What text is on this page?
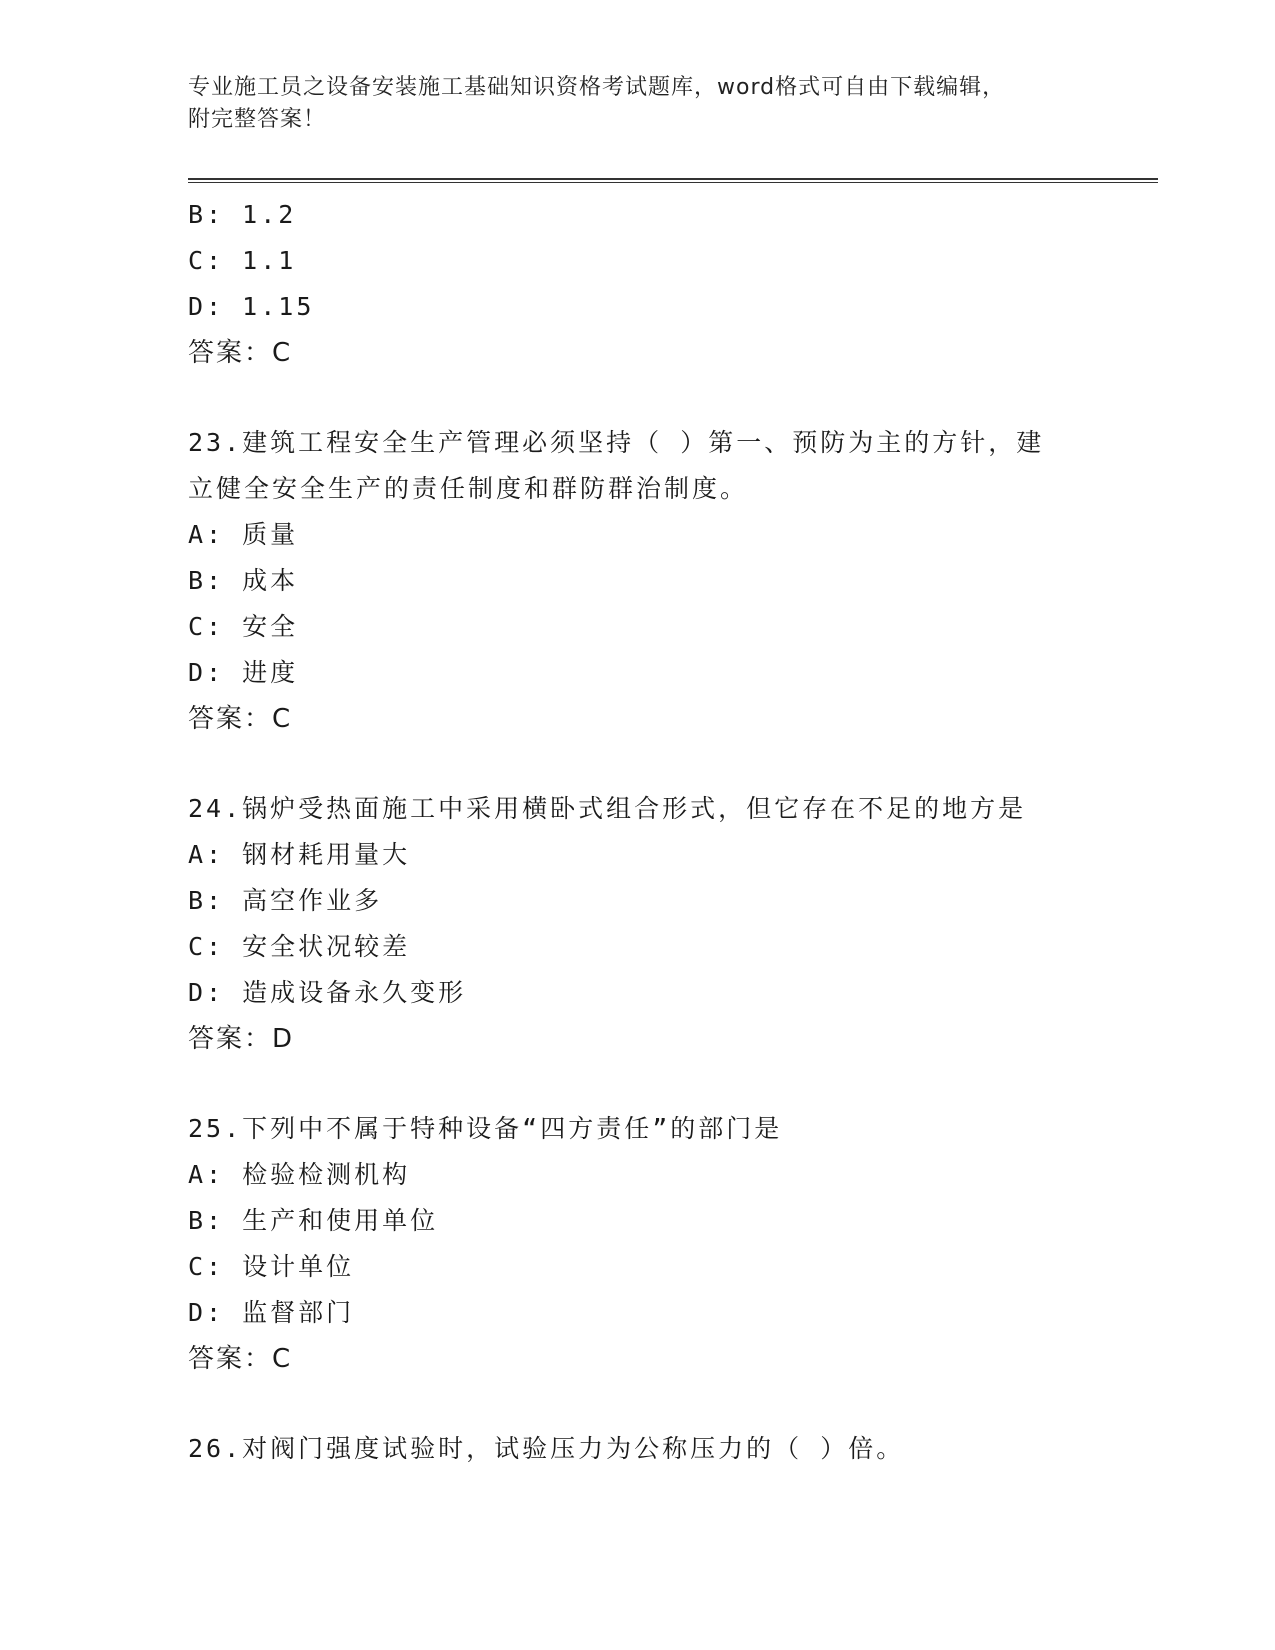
专业施工员之设备安装施工基础知识资格考试题库，word格式可自由下载编辑，
附完整答案！
B: 1.2
C: 1.1
D: 1.15
答案：C
23.建筑工程安全生产管理必须坚持（ ）第一、预防为主的方针，建
立健全安全生产的责任制度和群防群治制度。
A: 质量
B: 成本
C: 安全
D: 进度
答案：C
24.锅炉受热面施工中采用横卧式组合形式，但它存在不足的地方是
A: 钢材耗用量大
B: 高空作业多
C: 安全状况较差
D: 造成设备永久变形
答案：D
25.下列中不属于特种设备“四方责任”的部门是
A: 检验检测机构
B: 生产和使用单位
C: 设计单位
D: 监督部门
答案：C
26.对阀门强度试验时，试验压力为公称压力的（ ）倍。
